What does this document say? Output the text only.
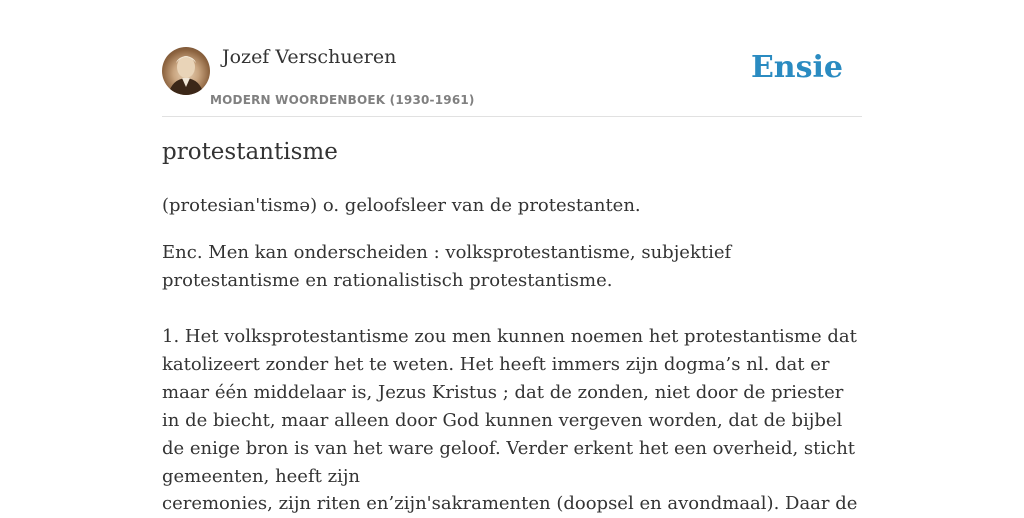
Jozef Verschueren
MODERN WOORDENBOEK (1930-1961)
Ensie
protestantisme

(protesian'tismə) o. geloofsleer van de protestanten.

Enc. Men kan onderscheiden : volksprotestantisme, subjektief protestantisme en rationalistisch protestantisme.

1. Het volksprotestantisme zou men kunnen noemen het protestantisme dat katolizeert zonder het te weten. Het heeft immers zijn dogma’s nl. dat er maar één middelaar is, Jezus Kristus ; dat de zonden, niet door de priester in de biecht, maar alleen door God kunnen vergeven worden, dat de bijbel de enige bron is van het ware geloof. Verder erkent het een overheid, sticht gemeenten, heeft zijn

ceremonies, zijn riten en’zijn'sakramenten (doopsel en avondmaal). Daar de
